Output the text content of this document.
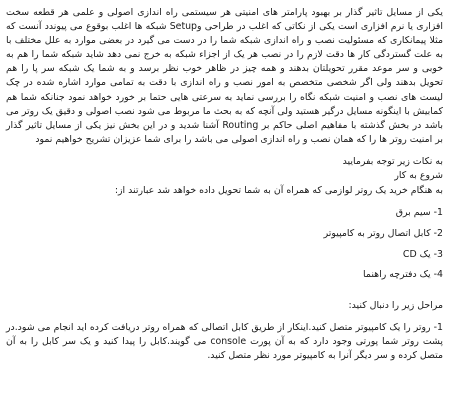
یکی از مسایل تاثیر گذار بر بهبود پارامتر های امنیتی هر سیستمی راه اندازی اصولی و علمی هر قطعه سخت افزاری یا نرم افزاری است یکی از نکاتی که اغلب در طراحی وSetup شبکه ها اغلب بوقوع می پیوندد آنست که مثلا پیمانکاری که مسئولیت نصب و راه اندازی شبکه شما را در دست می گیرد در بعضی موارد به علل مختلف با به علت گستردگی کار ها دقت لازم را در نصب هر یک از اجزاء شبکه به خرج نمی دهد شاید شبکه شما را هم به خوبی و سر موعد مقرر تحویلتان بدهند و همه چیز در ظاهر خوب نظر برسد و به شما یک شبکه سر پا را هم تحویل بدهند ولی اگر شخصی متخصص به امور نصب و راه اندازی با دقت به تمامی موارد اشاره شده در چک لیست های نصب و امنیت شبکه نگاه را بررسی نماید به سرعتی هایی حتما بر خورد خواهد نمود جنانکه شما هم کمابیش با اینگونه مسایل درگیر هستید ولی آنچه که به بحث ما مربوط می شود نصب اصولی و دقیق یک روتر می باشد در بخش گذشته با مفاهیم اصلی حاکم بر Routing آشنا شدید و در این بخش نیز یکی از مسایل تاثیر گذار بر امنیت روتر ها را که همان نصب و راه اندازی اصولی می باشد را برای شما عزیزان تشریح خواهیم نمود

به نکات زیر توجه بفرمایید

شروع به کار

به هنگام خرید یک روتر لوازمی که همراه آن به شما تحویل داده خواهد شد عبارتند از:

1- سیم برق
2- کابل اتصال روتر به کامپیوتر
3- یک CD
4- یک دفترچه راهنما

مراحل زیر را دنبال کنید:

1- روتر را یک کامپیوتر متصل کنید.اینکار از طریق کابل اتصالی که همراه روتر دریافت کرده اید انجام می شود.در پشت روتر شما پورتی وجود دارد که به آن پورت console می گویند.کابل را پیدا کنید و یک سر کابل را به آن متصل کرده و سر دیگر آنرا به کامپیوتر مورد نظر متصل کنید.
